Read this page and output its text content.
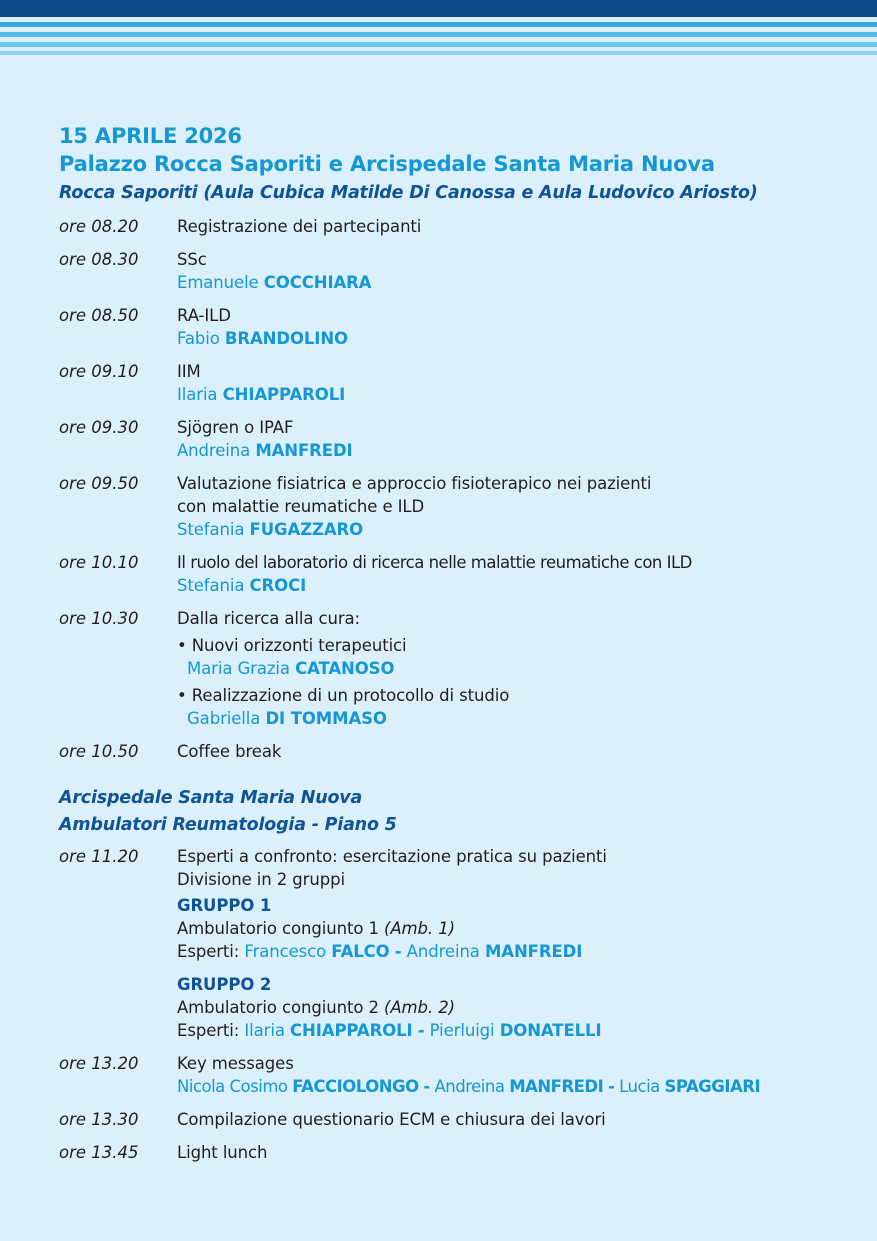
15 APRILE 2026
Palazzo Rocca Saporiti e Arcispedale Santa Maria Nuova
Rocca Saporiti (Aula Cubica Matilde Di Canossa e Aula Ludovico Ariosto)
ore 08.20	Registrazione dei partecipanti
ore 08.30	SSc
Emanuele COCCHIARA
ore 08.50	RA-ILD
Fabio BRANDOLINO
ore 09.10	IIM
Ilaria CHIAPPAROLI
ore 09.30	Sjögren o IPAF
Andreina MANFREDI
ore 09.50	Valutazione fisiatrica e approccio fisioterapico nei pazienti
con malattie reumatiche e ILD
Stefania FUGAZZARO
ore 10.10	Il ruolo del laboratorio di ricerca nelle malattie reumatiche con ILD
Stefania CROCI
ore 10.30	Dalla ricerca alla cura:
• Nuovi orizzonti terapeutici
Maria Grazia CATANOSO
• Realizzazione di un protocollo di studio
Gabriella DI TOMMASO
ore 10.50	Coffee break
Arcispedale Santa Maria Nuova
Ambulatori Reumatologia - Piano 5
ore 11.20	Esperti a confronto: esercitazione pratica su pazienti
Divisione in 2 gruppi
GRUPPO 1
Ambulatorio congiunto 1 (Amb. 1)
Esperti: Francesco FALCO - Andreina MANFREDI
GRUPPO 2
Ambulatorio congiunto 2 (Amb. 2)
Esperti: Ilaria CHIAPPAROLI - Pierluigi DONATELLI
ore 13.20	Key messages
Nicola Cosimo FACCIOLONGO - Andreina MANFREDI - Lucia SPAGGIARI
ore 13.30	Compilazione questionario ECM e chiusura dei lavori
ore 13.45	Light lunch
